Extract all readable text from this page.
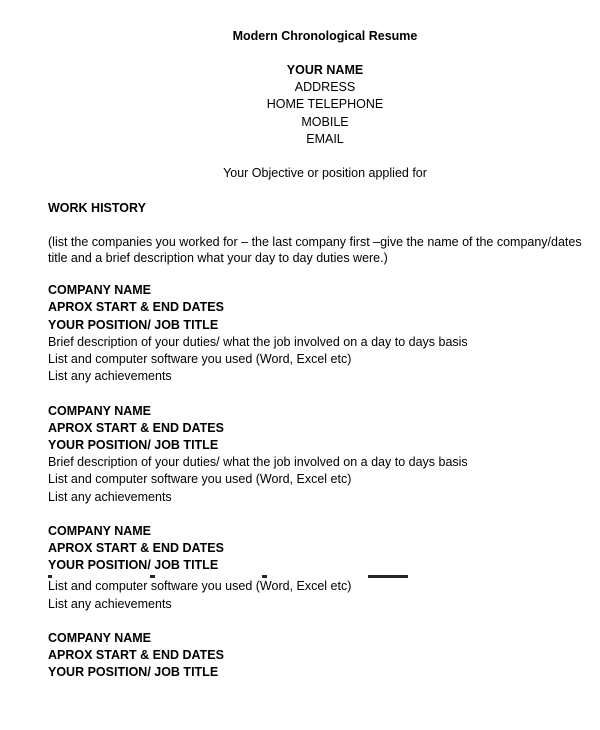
Modern Chronological Resume
YOUR NAME
ADDRESS
HOME TELEPHONE
MOBILE
EMAIL
Your Objective or position applied for
WORK HISTORY
(list the companies you worked for – the last company first –give the name of the company/dates
title and a brief description what your day to day duties were.)
COMPANY NAME
APROX START & END DATES
YOUR POSITION/ JOB TITLE
Brief description of your duties/ what the job involved on a day to days basis
List and computer software you used (Word, Excel etc)
List any achievements
COMPANY NAME
APROX START & END DATES
YOUR POSITION/ JOB TITLE
Brief description of your duties/ what the job involved on a day to days basis
List and computer software you used (Word, Excel etc)
List any achievements
COMPANY NAME
APROX START & END DATES
YOUR POSITION/ JOB TITLE
List and computer software you used (Word, Excel etc)
List any achievements
COMPANY NAME
APROX START & END DATES
YOUR POSITION/ JOB TITLE
